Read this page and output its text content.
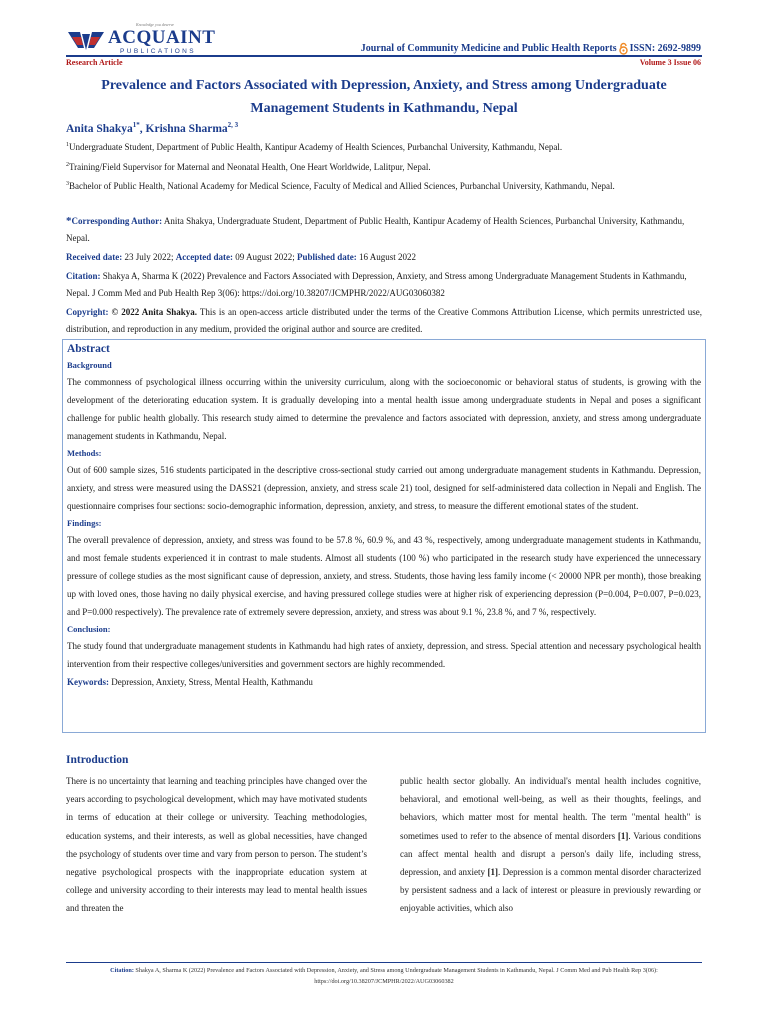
Knowledge you deserve
ACQUAINT
PUBLICATIONS	Journal of Community Medicine and Public Health Reports ISSN: 2692-9899
Research Article	Volume 3 Issue 06
Prevalence and Factors Associated with Depression, Anxiety, and Stress among Undergraduate Management Students in Kathmandu, Nepal
Anita Shakya$^{1*}$, Krishna Sharma$^{2, 3}$
$^1$Undergraduate Student, Department of Public Health, Kantipur Academy of Health Sciences, Purbanchal University, Kathmandu, Nepal.
$^2$Training/Field Supervisor for Maternal and Neonatal Health, One Heart Worldwide, Lalitpur, Nepal.
$^3$Bachelor of Public Health, National Academy for Medical Science, Faculty of Medical and Allied Sciences, Purbanchal University, Kathmandu, Nepal.
*Corresponding Author: Anita Shakya, Undergraduate Student, Department of Public Health, Kantipur Academy of Health Sciences, Purbanchal University, Kathmandu, Nepal.
Received date: 23 July 2022; Accepted date: 09 August 2022; Published date: 16 August 2022
Citation: Shakya A, Sharma K (2022) Prevalence and Factors Associated with Depression, Anxiety, and Stress among Undergraduate Management Students in Kathmandu, Nepal. J Comm Med and Pub Health Rep 3(06): https://doi.org/10.38207/JCMPHR/2022/AUG03060382
Copyright: © 2022 Anita Shakya. This is an open-access article distributed under the terms of the Creative Commons Attribution License, which permits unrestricted use, distribution, and reproduction in any medium, provided the original author and source are credited.
Abstract
Background
The commonness of psychological illness occurring within the university curriculum, along with the socioeconomic or behavioral status of students, is growing with the development of the deteriorating education system. It is gradually developing into a mental health issue among undergraduate students in Nepal and poses a significant challenge for public health globally. This research study aimed to determine the prevalence and factors associated with depression, anxiety, and stress among undergraduate management students in Kathmandu, Nepal.
Methods:
Out of 600 sample sizes, 516 students participated in the descriptive cross-sectional study carried out among undergraduate management students in Kathmandu. Depression, anxiety, and stress were measured using the DASS21 (depression, anxiety, and stress scale 21) tool, designed for self-administered data collection in Nepali and English. The questionnaire comprises four sections: socio-demographic information, depression, anxiety, and stress, to measure the different emotional states of the student.
Findings:
The overall prevalence of depression, anxiety, and stress was found to be 57.8 %, 60.9 %, and 43 %, respectively, among undergraduate management students in Kathmandu, and most female students experienced it in contrast to male students. Almost all students (100 %) who participated in the research study have experienced the unnecessary pressure of college studies as the most significant cause of depression, anxiety, and stress. Students, those having less family income (< 20000 NPR per month), those breaking up with loved ones, those having no daily physical exercise, and having pressured college studies were at higher risk of experiencing depression (P=0.004, P=0.007, P=0.023, and P=0.000 respectively). The prevalence rate of extremely severe depression, anxiety, and stress was about 9.1 %, 23.8 %, and 7 %, respectively.
Conclusion:
The study found that undergraduate management students in Kathmandu had high rates of anxiety, depression, and stress. Special attention and necessary psychological health intervention from their respective colleges/universities and government sectors are highly recommended.
Keywords: Depression, Anxiety, Stress, Mental Health, Kathmandu
Introduction
There is no uncertainty that learning and teaching principles have changed over the years according to psychological development, which may have motivated students in terms of education at their college or university. Teaching methodologies, education systems, and their interests, as well as global necessities, have changed the psychology of students over time and vary from person to person. The student’s negative psychological prospects with the inappropriate education system at college and university according to their interests may lead to mental health issues and threaten the
public health sector globally. An individual's mental health includes cognitive, behavioral, and emotional well-being, as well as their thoughts, feelings, and behaviors, which matter most for mental health. The term "mental health" is sometimes used to refer to the absence of mental disorders [1]. Various conditions can affect mental health and disrupt a person's daily life, including stress, depression, and anxiety [1]. Depression is a common mental disorder characterized by persistent sadness and a lack of interest or pleasure in previously rewarding or enjoyable activities, which also
Citation: Shakya A, Sharma K (2022) Prevalence and Factors Associated with Depression, Anxiety, and Stress among Undergraduate Management Students in Kathmandu, Nepal. J Comm Med and Pub Health Rep 3(06): https://doi.org/10.38207/JCMPHR/2022/AUG03060382
